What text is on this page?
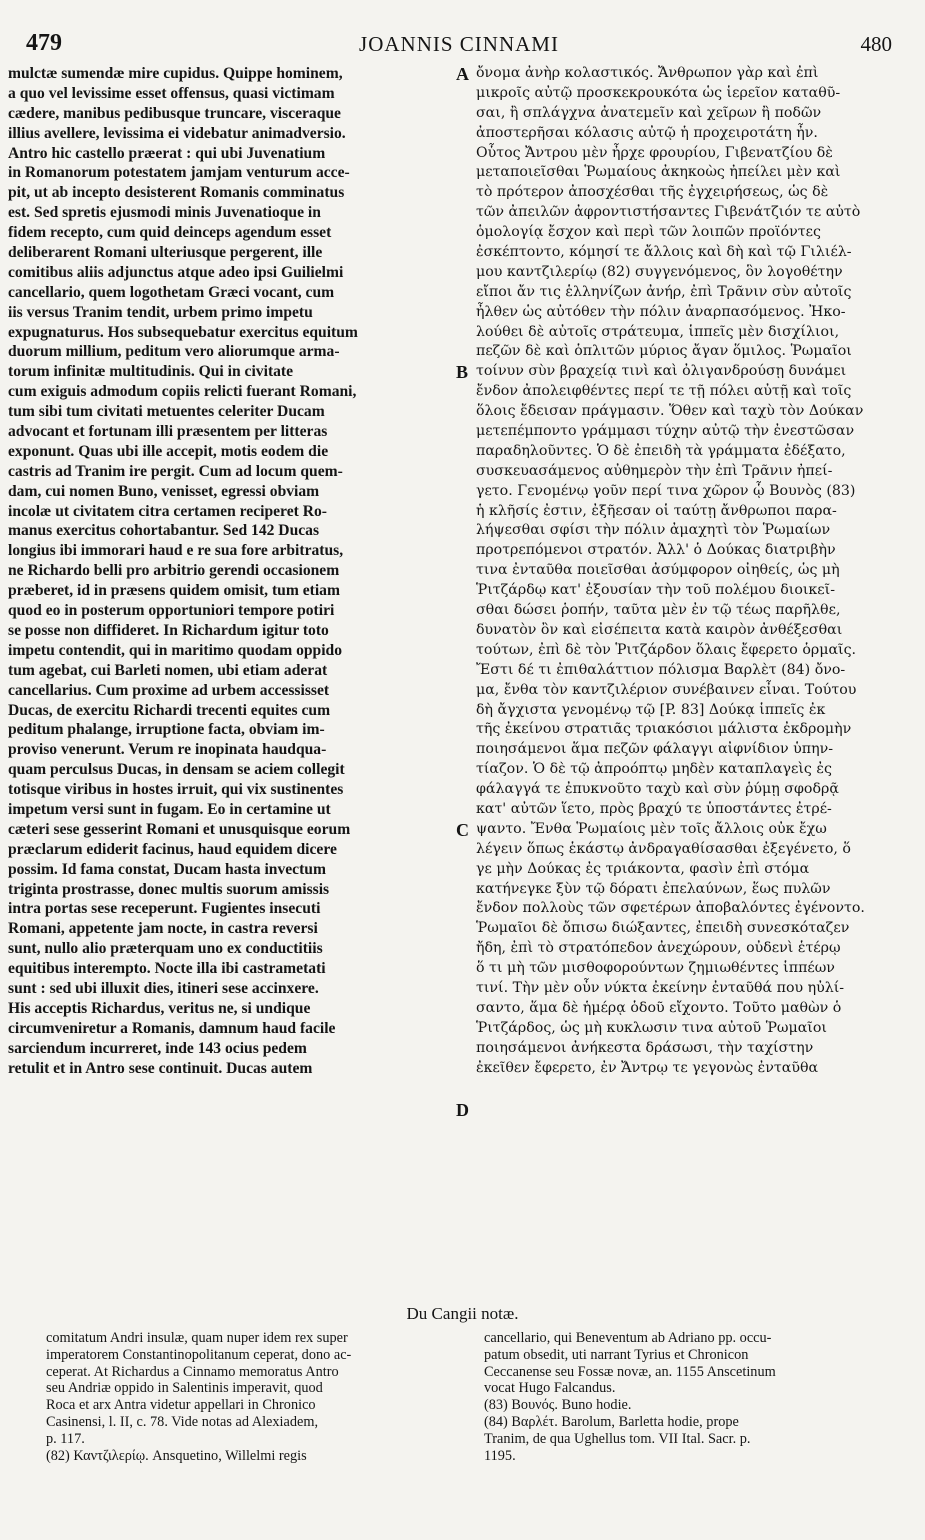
479	JOANNIS CINNAMI	480
mulctæ sumendæ mire cupidus. Quippe hominem,
a quo vel levissime esset offensus, quasi victimam
cædere, manibus pedibusque truncare, visceraque
illius avellere, levissima ei videbatur animadversio.
Antro hic castello præerat : qui ubi Juvenatium
in Romanorum potestatem jamjam venturum acce-
pit, ut ab incepto desisterent Romanis comminatus
est. Sed spretis ejusmodi minis Juvenatioque in
fidem recepto, cum quid deinceps agendum esset
deliberarent Romani ulteriusque pergerent, ille
comitibus aliis adjunctus atque adeo ipsi Guilielmi
cancellario, quem logothetam Græci vocant, cum
iis versus Tranim tendit, urbem primo impetu
expugnaturus. Hos subsequebatur exercitus equitum
duorum millium, peditum vero aliorumque arma-
torum infinitæ multitudinis. Qui in civitate
cum exiguis admodum copiis relicti fuerant Romani,
tum sibi tum civitati metuentes celeriter Ducam
advocant et fortunam illi præsentem per litteras
exponunt. Quas ubi ille accepit, motis eodem die
castris ad Tranim ire pergit. Cum ad locum quem-
dam, cui nomen Buno, venisset, egressi obviam
incolæ ut civitatem citra certamen reciperet Ro-
manus exercitus cohortabantur. Sed 142 Ducas
longius ibi immorari haud e re sua fore arbitratus,
ne Richardo belli pro arbitrio gerendi occasionem
præberet, id in præsens quidem omisit, tum etiam
quod eo in posterum opportuniori tempore potiri
se posse non diffideret. In Richardum igitur toto
impetu contendit, qui in maritimo quodam oppido
tum agebat, cui Barleti nomen, ubi etiam aderat
cancellarius. Cum proxime ad urbem accessisset
Ducas, de exercitu Richardi trecenti equites cum
peditum phalange, irruptione facta, obviam im-
proviso venerunt. Verum re inopinata haudqua-
quam perculsus Ducas, in densam se aciem collegit
totisque viribus in hostes irruit, qui vix sustinentes
impetum versi sunt in fugam. Eo in certamine ut
cæteri sese gesserint Romani et unusquisque eorum
præclarum ediderit facinus, haud equidem dicere
possim. Id fama constat, Ducam hasta invectum
triginta prostrasse, donec multis suorum amissis
intra portas sese receperunt. Fugientes insecuti
Romani, appetente jam nocte, in castra reversi
sunt, nullo alio præterquam uno ex conductitiis
equitibus interempto. Nocte illa ibi castrametati
sunt : sed ubi illuxit dies, itineri sese accinxere.
His acceptis Richardus, veritus ne, si undique
circumveniretur a Romanis, damnum haud facile
sarciendum incurreret, inde 143 ocius pedem
retulit et in Antro sese continuit. Ducas autem
ὄνομα ἀνὴρ κολαστικός. Ἄνθρωπον γὰρ καὶ ἐπὶ
μικροῖς αὐτῷ προσκεκρουκότα ὡς ἱερεῖον καταθῦ-
σαι, ἢ σπλάγχνα ἀνατεμεῖν καὶ χεῖρων ἢ ποδῶν
ἀποστερῆσαι κόλασις αὐτῷ ἡ προχειροτάτη ἦν.
Οὗτος Ἄντρου μὲν ἦρχε φρουρίου, Γιβενατζίου δὲ
μεταποιεῖσθαι Ῥωμαίους ἀκηκοὼς ἠπείλει μὲν καὶ
τὸ πρότερον ἀποσχέσθαι τῆς ἐγχειρήσεως, ὡς δὲ
τῶν ἀπειλῶν ἀφροντιστήσαντες Γιβενάτζιόν τε αὐτὸ
ὁμολογίᾳ ἔσχον καὶ περὶ τῶν λοιπῶν προϊόντες
ἐσκέπτοντο, κόμησί τε ἄλλοις καὶ δὴ καὶ τῷ Γιλιέλ-
μου καντζιλερίῳ (82) συγγενόμενος, ὃν λογοθέτην
εἴποι ἄν τις ἑλληνίζων ἀνήρ, ἐπὶ Τρᾶνιν σὺν αὐτοῖς
ἦλθεν ὡς αὐτόθεν τὴν πόλιν ἀναρπασόμενος. Ἠκο-
λούθει δὲ αὐτοῖς στράτευμα, ἱππεῖς μὲν δισχίλιοι,
πεζῶν δὲ καὶ ὁπλιτῶν μύριος ἄγαν ὅμιλος. Ῥωμαῖοι
τοίνυν σὺν βραχείᾳ τινὶ καὶ ὀλιγανδρούσῃ δυνάμει
ἔνδον ἀπολειφθέντες περί τε τῇ πόλει αὐτῇ καὶ τοῖς
ὅλοις ἔδεισαν πράγμασιν. Ὅθεν καὶ ταχὺ τὸν Δούκαν
μετεπέμποντο γράμμασι τύχην αὐτῷ τὴν ἐνεστῶσαν
παραδηλοῦντες. Ὁ δὲ ἐπειδὴ τὰ γράμματα ἐδέξατο,
συσκευασάμενος αὐθημερὸν τὴν ἐπὶ Τρᾶνιν ἠπεί-
γετο. Γενομένῳ γοῦν περί τινα χῶρον ᾧ Βουνὸς (83)
ἡ κλῆσίς ἐστιν, ἐξῆεσαν οἱ ταύτῃ ἄνθρωποι παρα-
λήψεσθαι σφίσι τὴν πόλιν ἀμαχητὶ τὸν Ῥωμαίων
προτρεπόμενοι στρατόν. Ἀλλ' ὁ Δούκας διατριβὴν
τινα ἐνταῦθα ποιεῖσθαι ἀσύμφορον οἰηθείς, ὡς μὴ
Ῥιτζάρδῳ κατ' ἐξουσίαν τὴν τοῦ πολέμου διοικεῖ-
σθαι δώσει ῥοπήν, ταῦτα μὲν ἐν τῷ τέως παρῆλθε,
δυνατὸν ὂν καὶ εἰσέπειτα κατὰ καιρὸν ἀνθέξεσθαι
τούτων, ἐπὶ δὲ τὸν Ῥιτζάρδον ὅλαις ἔφερετο ὁρμαῖς.
Ἔστι δέ τι ἐπιθαλάττιον πόλισμα Βαρλὲτ (84) ὄνο-
μα, ἔνθα τὸν καντζιλέριον συνέβαινεν εἶναι. Τούτου
δὴ ἄγχιστα γενομένῳ τῷ [P. 83] Δούκᾳ ἱππεῖς ἐκ
τῆς ἐκείνου στρατιᾶς τριακόσιοι μάλιστα ἐκδρομὴν
ποιησάμενοι ἅμα πεζῶν φάλαγγι αἰφνίδιον ὑπην-
τίαζον. Ὁ δὲ τῷ ἀπροόπτῳ μηδὲν καταπλαγεὶς ἐς
φάλαγγά τε ἐπυκνοῦτο ταχὺ καὶ σὺν ῥύμῃ σφοδρᾷ
κατ' αὐτῶν ἵετο, πρὸς βραχύ τε ὑποστάντες ἐτρέ-
ψαντο. Ἔνθα Ῥωμαίοις μὲν τοῖς ἄλλοις οὐκ ἔχω
λέγειν ὅπως ἑκάστῳ ἀνδραγαθίσασθαι ἐξεγένετο, ὅ
γε μὴν Δούκας ἐς τριάκοντα, φασὶν ἐπὶ στόμα
κατήνεγκε ξὺν τῷ δόρατι ἐπελαύνων, ἕως πυλῶν
ἔνδον πολλοὺς τῶν σφετέρων ἀποβαλόντες ἐγένοντο.
Ῥωμαῖοι δὲ ὄπισω διώξαντες, ἐπειδὴ συνεσκόταζεν
ἤδη, ἐπὶ τὸ στρατόπεδον ἀνεχώρουν, οὐδενὶ ἑτέρῳ
ὅ τι μὴ τῶν μισθοφορούντων ζημιωθέντες ἱππέων
τινί. Τὴν μὲν οὖν νύκτα ἐκείνην ἐνταῦθά που ηὐλί-
σαντο, ἅμα δὲ ἡμέρᾳ ὁδοῦ εἴχοντο. Τοῦτο μαθὼν ὁ
Ῥιτζάρδος, ὡς μὴ κυκλωσιν τινα αὐτοῦ Ῥωμαῖοι
ποιησάμενοι ἀνήκεστα δράσωσι, τὴν ταχίστην
ἐκεῖθεν ἔφερετο, ἐν Ἄντρῳ τε γεγονὼς ἐνταῦθα
A
B
C
D
Du Cangii notæ.
comitatum Andri insulæ, quam nuper idem rex super
imperatorem Constantinopolitanum ceperat, dono ac-
ceperat. At Richardus a Cinnamo memoratus Antro
seu Andriæ oppido in Salentinis imperavit, quod
Roca et arx Antra videtur appellari in Chronico
Casinensi, l. II, c. 78. Vide notas ad Alexiadem,
p. 117.
(82) Καντζιλερίῳ. Ansquetino, Willelmi regis
cancellario, qui Beneventum ab Adriano pp. occu-
patum obsedit, uti narrant Tyrius et Chronicon
Ceccanense seu Fossæ novæ, an. 1155 Anscetinum
vocat Hugo Falcandus.
(83) Βουνός. Buno hodie.
(84) Βαρλέτ. Barolum, Barletta hodie, prope
Tranim, de qua Ughellus tom. VII Ital. Sacr. p.
1195.
